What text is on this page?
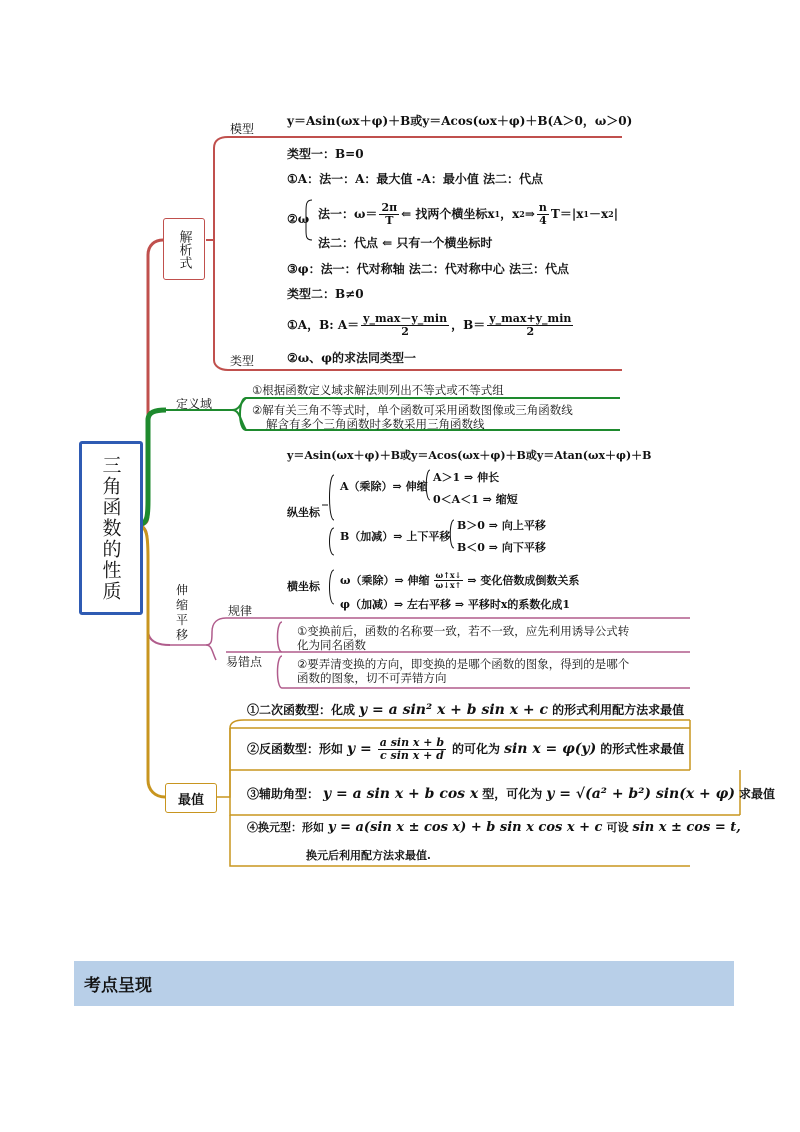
三角函数的性质
解析式
模型
类型
y＝Asin(ωx＋φ)＋B或y＝Acos(ωx＋φ)＋B(A＞0，ω＞0)
类型一：B=0
①A：法一：A：最大值 -A：最小值 法二：代点
②ω 法一：$\omega= \frac{2\pi}{T}$ ⇐ 找两个横坐标x 1 ，x 2 ⇒ $\frac{n}{4} T=|x$ 1 －x 2 |
法二：代点 ⇐ 只有一个横坐标时
③φ：法一：代对称轴 法二：代对称中心 法三：代点
类型二：B≠0
①A，B: $A= \frac{y\_\max-y\_\min}{2}$ ，$B= \frac{y\_\max+y\_\min}{2}$
②ω、φ的求法同类型一
定义域
①根据函数定义域求解法则列出不等式或不等式组
②解有关三角不等式时，单个函数可采用函数图像或三角函数线
解含有多个三角函数时多数采用三角函数线
伸缩平移
规律
易错点
y＝Asin(ωx＋φ)＋B或y＝Acos(ωx＋φ)＋B或y＝Atan(ωx＋φ)＋B
纵坐标
A（乘除）⇒ 伸缩
A＞1 ⇒ 伸长
0＜A＜1 ⇒ 缩短
B（加减）⇒ 上下平移
B＞0 ⇒ 向上平移
B＜0 ⇒ 向下平移
横坐标 ω（乘除）⇒ 伸缩 $\frac{\omega↑x↓}{\omega↓x↑}$ ⇒ 变化倍数成倒数关系
φ（加减）⇒ 左右平移 ⇒ 平移时x的系数化成1
①变换前后，函数的名称要一致，若不一致，应先利用诱导公式转
化为同名函数
②要弄清变换的方向，即变换的是哪个函数的图象，得到的是哪个
函数的图象，切不可弄错方向
最值
①二次函数型：化成 y = a sin² x + b sin x + c 的形式利用配方法求最值
②反函数型：形如 $y = \frac{\text{a sin x + b}}{\text{c sin x + d}}$ 的可化为 sin x = φ(y) 的形式性求最值
③辅助角型： y = a sin x + b cos x 型，可化为 y = √(a² + b²) sin(x + φ) 求最值
④换元型：形如 y = a(sin x ± cos x) + b sin x cos x + c 可设 sin x ± cos = t,
换元后利用配方法求最值.
考点呈现
